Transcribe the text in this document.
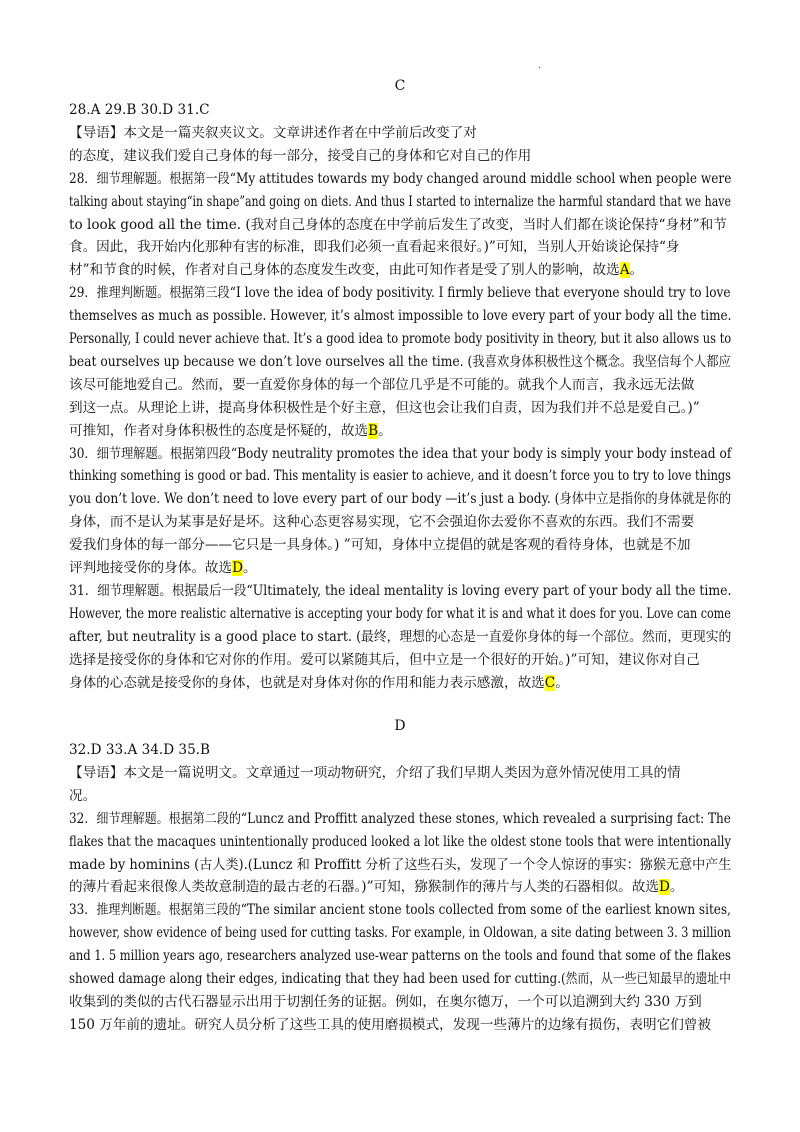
.
C
28.A 29.B 30.D 31.C
【导语】本文是一篇夹叙夹议文。文章讲述作者在中学前后改变了对
的态度，建议我们爱自己身体的每一部分，接受自己的身体和它对自己的作用
28．细节理解题。根据第一段“My attitudes towards my body changed around middle school when people were
talking about staying“in shape”and going on diets. And thus I started to internalize the harmful standard that we have
to look good all the time. (我对自己身体的态度在中学前后发生了改变，当时人们都在谈论保持“身材”和节
食。因此，我开始内化那种有害的标准，即我们必须一直看起来很好。)”可知，当别人开始谈论保持“身
材”和节食的时候，作者对自己身体的态度发生改变，由此可知作者是受了别人的影响，故选A。
29．推理判断题。根据第三段“I love the idea of body positivity. I firmly believe that everyone should try to love
themselves as much as possible. However, it’s almost impossible to love every part of your body all the time.
Personally, I could never achieve that. It’s a good idea to promote body positivity in theory, but it also allows us to
beat ourselves up because we don’t love ourselves all the time. (我喜欢身体积极性这个概念。我坚信每个人都应
该尽可能地爱自己。然而，要一直爱你身体的每一个部位几乎是不可能的。就我个人而言，我永远无法做
到这一点。从理论上讲，提高身体积极性是个好主意，但这也会让我们自责，因为我们并不总是爱自己。)”
可推知，作者对身体积极性的态度是怀疑的，故选B。
30．细节理解题。根据第四段“Body neutrality promotes the idea that your body is simply your body instead of
thinking something is good or bad. This mentality is easier to achieve, and it doesn’t force you to try to love things
you don’t love. We don’t need to love every part of our body —it’s just a body. (身体中立是指你的身体就是你的
身体，而不是认为某事是好是坏。这种心态更容易实现，它不会强迫你去爱你不喜欢的东西。我们不需要
爱我们身体的每一部分——它只是一具身体。) ”可知，身体中立提倡的就是客观的看待身体，也就是不加
评判地接受你的身体。故选D。
31．细节理解题。根据最后一段“Ultimately, the ideal mentality is loving every part of your body all the time.
However, the more realistic alternative is accepting your body for what it is and what it does for you. Love can come
after, but neutrality is a good place to start. (最终，理想的心态是一直爱你身体的每一个部位。然而，更现实的
选择是接受你的身体和它对你的作用。爱可以紧随其后，但中立是一个很好的开始。)”可知，建议你对自己
身体的心态就是接受你的身体，也就是对身体对你的作用和能力表示感激，故选C。
D
32.D 33.A 34.D 35.B
【导语】本文是一篇说明文。文章通过一项动物研究，介绍了我们早期人类因为意外情况使用工具的情
况。
32．细节理解题。根据第二段的“Luncz and Proffitt analyzed these stones, which revealed a surprising fact: The
flakes that the macaques unintentionally produced looked a lot like the oldest stone tools that were intentionally
made by hominins (古人类).(Luncz 和 Proffitt 分析了这些石头，发现了一个令人惊讶的事实：猕猴无意中产生
的薄片看起来很像人类故意制造的最古老的石器。)”可知，猕猴制作的薄片与人类的石器相似。故选D。
33．推理判断题。根据第三段的“The similar ancient stone tools collected from some of the earliest known sites,
however, show evidence of being used for cutting tasks. For example, in Oldowan, a site dating between 3. 3 million
and 1. 5 million years ago, researchers analyzed use-wear patterns on the tools and found that some of the flakes
showed damage along their edges, indicating that they had been used for cutting.(然而，从一些已知最早的遗址中
收集到的类似的古代石器显示出用于切割任务的证据。例如，在奥尔德万，一个可以追溯到大约 330 万到
150 万年前的遗址。研究人员分析了这些工具的使用磨损模式，发现一些薄片的边缘有损伤，表明它们曾被
